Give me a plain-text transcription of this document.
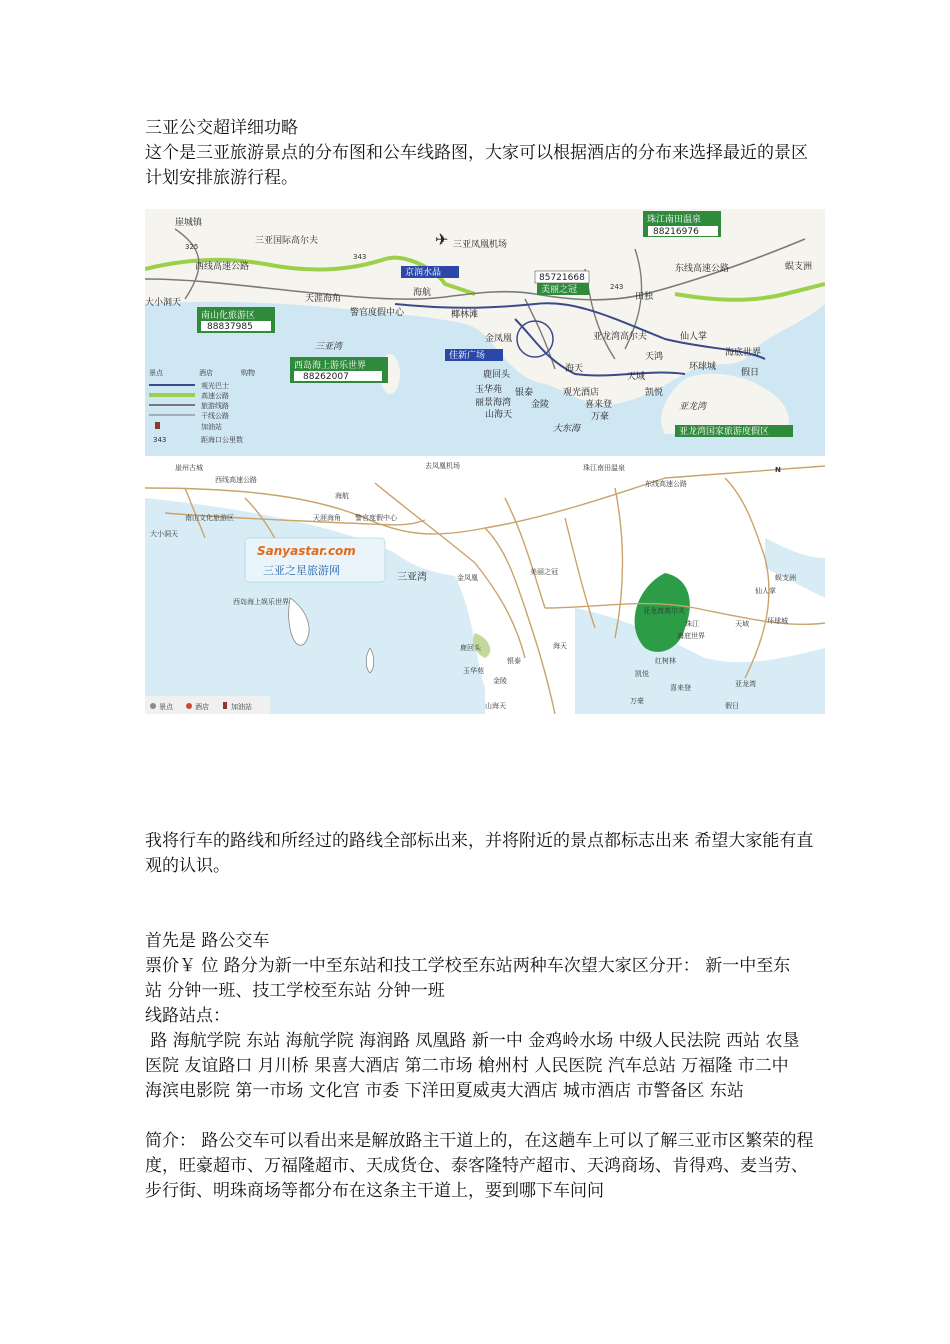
三亚公交超详细功略

这个是三亚旅游景点的分布图和公车线路图，大家可以根据酒店的分布来选择最近的景区计划安排旅游行程。

崖城镇
325
三亚国际高尔夫
343
✈ 三亚凤凰机场
珠江南田温泉
88216976
西线高速公路	东线高速公路
京润水晶	85721668
美丽之冠	243
田独
蜈支洲
大小洞天	天涯海角
海航
警官度假中心	椰林滩
南山化旅游区
88837985
三亚湾
西岛海上游乐世界
88262007
金凤凰
佳新广场
鹿回头
亚龙湾高尔夫	仙人掌
海底世界
天鸿
环球城
假日
海天
天域
玉华苑 银泰	观光酒店	凯悦
丽景海湾 金陵	喜来登
山海天	万豪
亚龙湾
大东海	亚龙湾国家旅游度假区
景点	酒店	购物
观光巴士
高速公路
旅游线路
干线公路
加油站
343	距海口公里数
崖州古城	去凤凰机场	珠江南田温泉
西线高速公路	东线高速公路
N
海航
南山文化旅游区	天涯海角 警官度假中心
大小洞天
Sanyastar.com
三亚之星旅游网
三亚湾	金凤凰
美丽之冠
西岛海上娱乐世界
亚龙湾高尔夫
仙人掌
蜈支洲
珠江	天域	环球城
鹿回头	海天
海底世界
红树林
凯悦
喜来登
万豪
亚龙湾
假日
玉华苑
银泰
金陵
山海天
景点	酒店	加油站

我将行车的路线和所经过的路线全部标出来，并将附近的景点都标志出来 希望大家能有直观的认识。

首先是 路公交车

票价￥ 位 路分为新一中至东站和技工学校至东站两种车次望大家区分开： 新一中至东站 分钟一班、技工学校至东站 分钟一班

线路站点：

路 海航学院 东站 海航学院 海润路 凤凰路 新一中 金鸡岭水场 中级人民法院 西站 农垦医院 友谊路口 月川桥 果喜大酒店 第二市场 槍州村 人民医院 汽车总站 万福隆 市二中 海滨电影院 第一市场 文化宫 市委 下洋田夏威夷大酒店 城市酒店 市警备区 东站

简介： 路公交车可以看出来是解放路主干道上的，在这趟车上可以了解三亚市区繁荣的程度，旺豪超市、万福隆超市、天成货仓、泰客隆特产超市、天鸿商场、肯得鸡、麦当劳、步行街、明珠商场等都分布在这条主干道上，要到哪下车问问
